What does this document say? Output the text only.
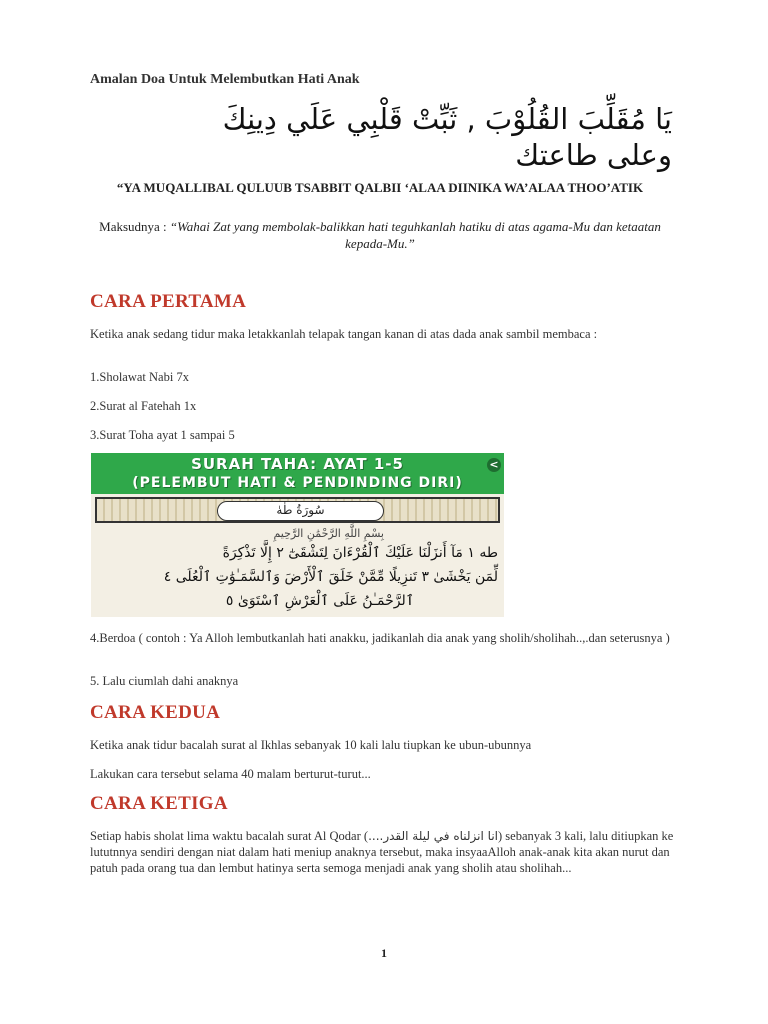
Amalan Doa Untuk Melembutkan Hati Anak
يَا مُقَلِّبَ القُلُوْبَ , ثَبِّتْ قَلْبِي عَلَي دِينِكَ
وعلى طاعتك
“YA MUQALLIBAL QULUUB TSABBIT QALBII ‘ALAA DIINIKA WA’ALAA THOO’ATIK
Maksudnya : “Wahai Zat yang membolak-balikkan hati teguhkanlah hatiku di atas agama-Mu dan ketaatan kepada-Mu.”
CARA PERTAMA
Ketika anak sedang tidur maka letakkanlah telapak tangan kanan di atas dada anak sambil membaca :
1.Sholawat Nabi 7x
2.Surat al Fatehah 1x
3.Surat Toha ayat 1 sampai 5
SURAH TAHA: AYAT 1-5
(PELEMBUT HATI & PENDINDING DIRI)
<
سُورَةُ طٰهٰ
بِسْمِ اللَّهِ الرَّحْمَٰنِ الرَّحِيمِ
طه ١ مَآ أَنزَلْنَا عَلَيْكَ ٱلْقُرْءَانَ لِتَشْقَىٰٓ ٢ إِلَّا تَذْكِرَةً
لِّمَن يَخْشَىٰ ٣ تَنزِيلًا مِّمَّنْ خَلَقَ ٱلْأَرْضَ وَٱلسَّمَـٰوَٰتِ ٱلْعُلَى ٤
ٱلرَّحْمَـٰنُ عَلَى ٱلْعَرْشِ ٱسْتَوَىٰ ٥
4.Berdoa ( contoh : Ya Alloh lembutkanlah hati anakku, jadikanlah dia anak yang sholih/sholihah..,.dan seterusnya )
5. Lalu ciumlah dahi anaknya
CARA KEDUA
Ketika anak tidur bacalah surat al Ikhlas sebanyak 10 kali lalu tiupkan ke ubun-ubunnya
Lakukan cara tersebut selama 40 malam berturut-turut...
CARA KETIGA
Setiap habis sholat lima waktu bacalah surat Al Qodar (انا انزلناه في ليلة القدر....) sebanyak 3 kali, lalu ditiupkan ke lututnnya sendiri dengan niat dalam hati meniup anaknya tersebut, maka insyaaAlloh anak-anak kita akan nurut dan patuh pada orang tua dan lembut hatinya serta semoga menjadi anak yang sholih atau sholihah...
1
